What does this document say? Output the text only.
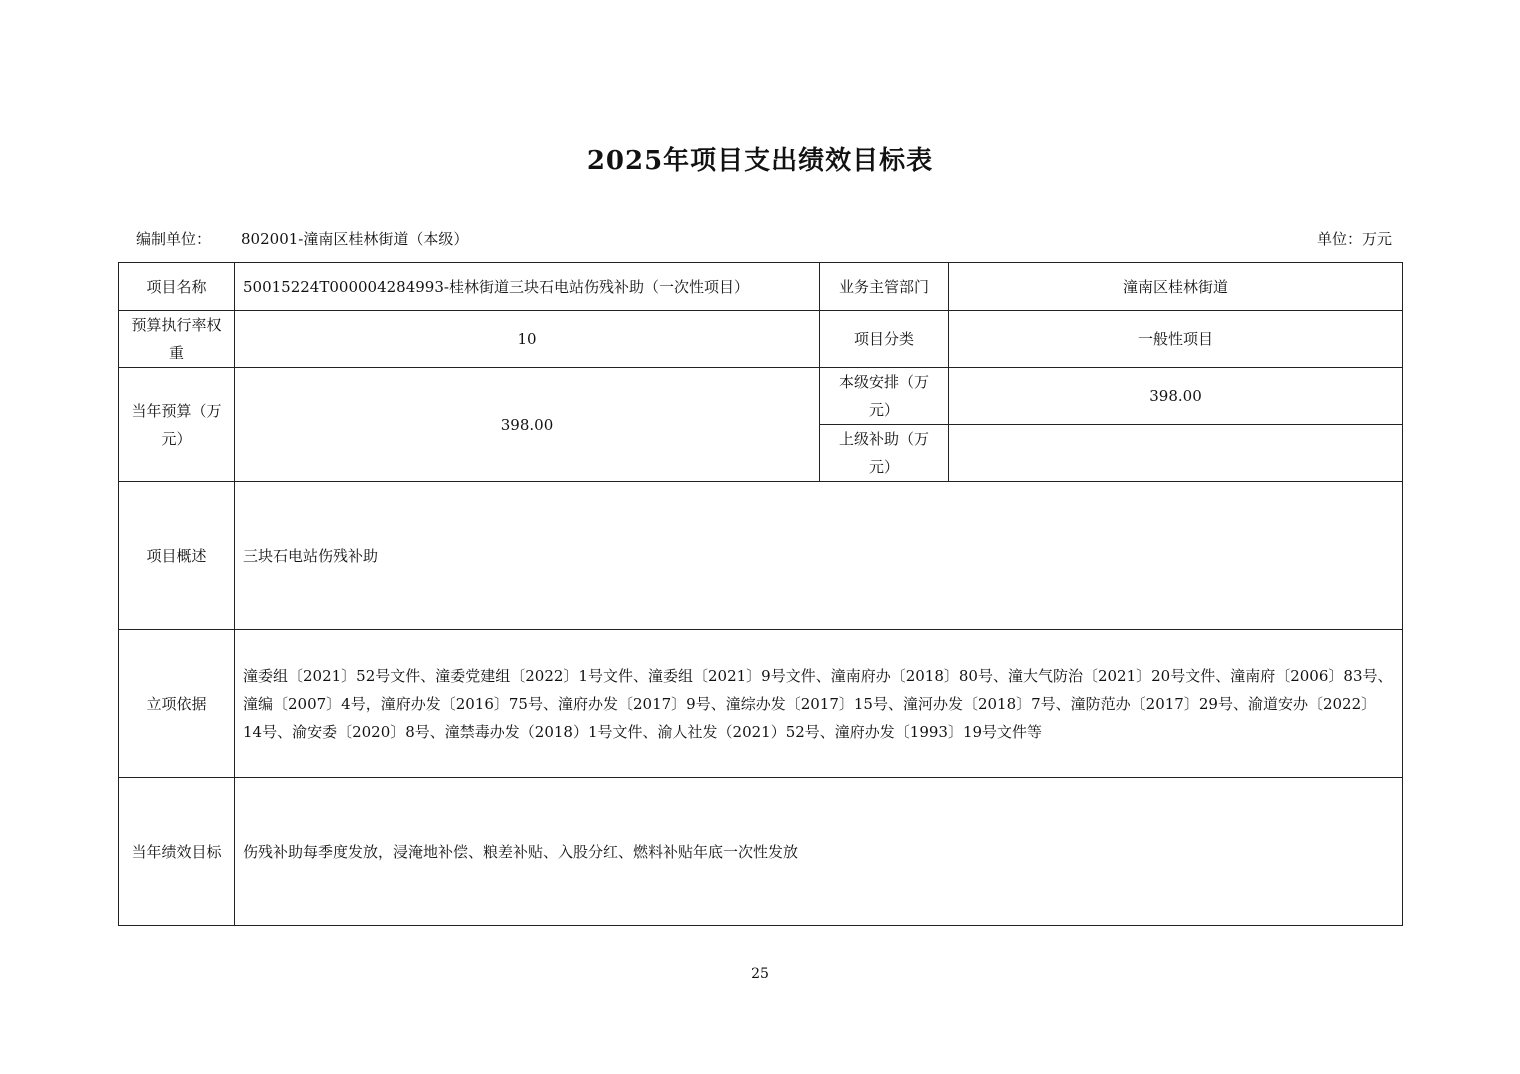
2025年项目支出绩效目标表
编制单位： 802001-潼南区桂林街道（本级）	单位：万元
项目名称	50015224T000004284993-桂林街道三块石电站伤残补助（一次性项目）	业务主管部门	潼南区桂林街道
预算执行率权重	10	项目分类	一般性项目
当年预算（万元）	398.00	本级安排（万元）	398.00
		上级补助（万元）	
项目概述	三块石电站伤残补助		
立项依据	潼委组〔2021〕52号文件、潼委党建组〔2022〕1号文件、潼委组〔2021〕9号文件、潼南府办〔2018〕80号、潼大气防治〔2021〕20号文件、潼南府〔2006〕83号、潼编〔2007〕4号，潼府办发〔2016〕75号、潼府办发〔2017〕9号、潼综办发〔2017〕15号、潼河办发〔2018〕7号、潼防范办〔2017〕29号、渝道安办〔2022〕14号、渝安委〔2020〕8号、潼禁毒办发（2018）1号文件、渝人社发（2021）52号、潼府办发〔1993〕19号文件等		
当年绩效目标	伤残补助每季度发放，浸淹地补偿、粮差补贴、入股分红、燃料补贴年底一次性发放		
25
